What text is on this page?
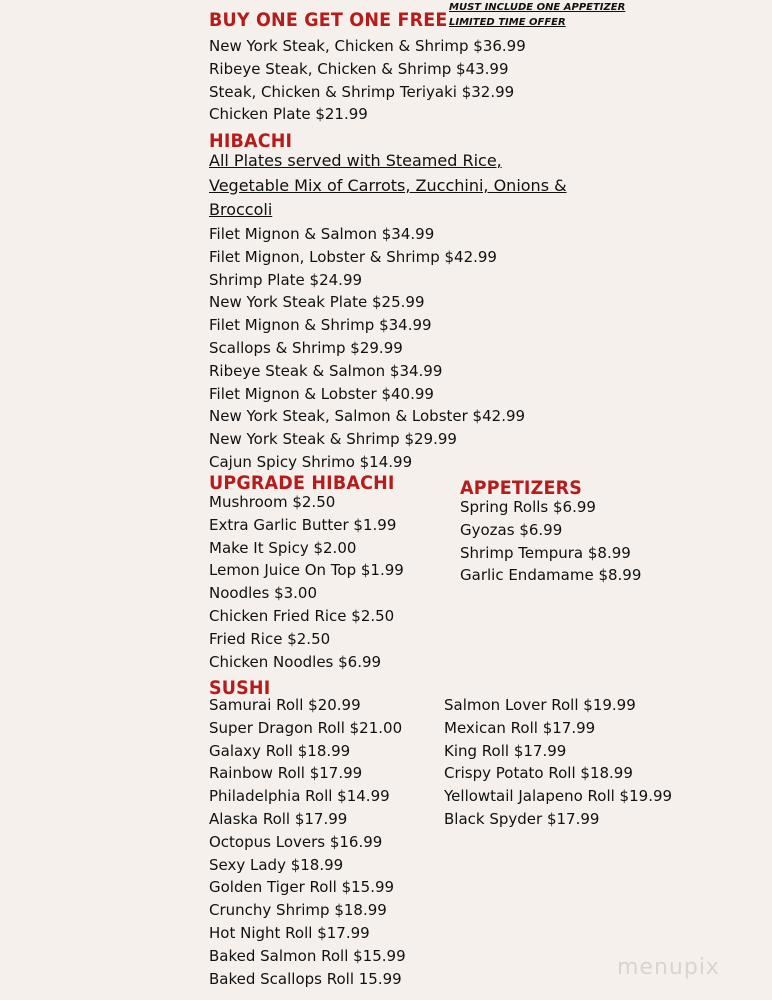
BUY ONE GET ONE FREE
MUST INCLUDE ONE APPETIZER
LIMITED TIME OFFER
New York Steak, Chicken & Shrimp $36.99
Ribeye Steak, Chicken & Shrimp $43.99
Steak, Chicken & Shrimp Teriyaki $32.99
Chicken Plate $21.99
HIBACHI
All Plates served with Steamed Rice, Vegetable Mix of Carrots, Zucchini, Onions & Broccoli
Filet Mignon & Salmon $34.99
Filet Mignon, Lobster & Shrimp $42.99
Shrimp Plate $24.99
New York Steak Plate $25.99
Filet Mignon & Shrimp $34.99
Scallops & Shrimp $29.99
Ribeye Steak & Salmon $34.99
Filet Mignon & Lobster $40.99
New York Steak, Salmon & Lobster $42.99
New York Steak & Shrimp $29.99
Cajun Spicy Shrimo $14.99
UPGRADE HIBACHI
Mushroom $2.50
Extra Garlic Butter $1.99
Make It Spicy $2.00
Lemon Juice On Top $1.99
Noodles $3.00
Chicken Fried Rice $2.50
Fried Rice $2.50
Chicken Noodles $6.99
APPETIZERS
Spring Rolls $6.99
Gyozas $6.99
Shrimp Tempura $8.99
Garlic Endamame $8.99
SUSHI
Samurai Roll $20.99
Super Dragon Roll $21.00
Galaxy Roll $18.99
Rainbow Roll $17.99
Philadelphia Roll $14.99
Alaska Roll $17.99
Octopus Lovers $16.99
Sexy Lady $18.99
Golden Tiger Roll $15.99
Crunchy Shrimp $18.99
Hot Night Roll $17.99
Baked Salmon Roll $15.99
Baked Scallops Roll 15.99
Salmon Lover Roll $19.99
Mexican Roll $17.99
King Roll $17.99
Crispy Potato Roll $18.99
Yellowtail Jalapeno Roll $19.99
Black Spyder $17.99
menupix
